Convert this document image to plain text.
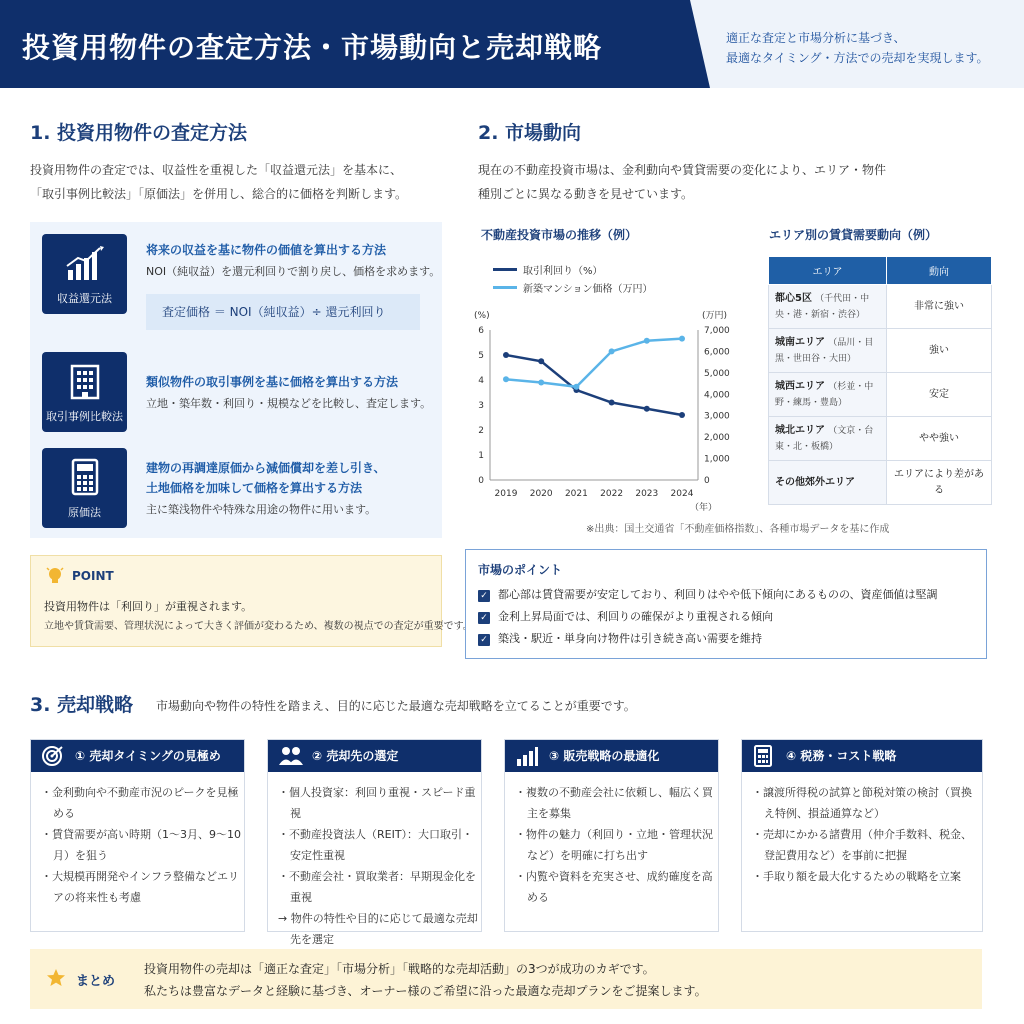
投資用物件の査定方法・市場動向と売却戦略	適正な査定と市場分析に基づき、
最適なタイミング・方法での売却を実現します。
1. 投資用物件の査定方法
投資用物件の査定では、収益性を重視した「収益還元法」を基本に、
「取引事例比較法」「原価法」を併用し、総合的に価格を判断します。
収益還元法
将来の収益を基に物件の価値を算出する方法
NOI（純収益）を還元利回りで割り戻し、価格を求めます。
査定価格 ＝ NOI（純収益）÷ 還元利回り
取引事例比較法
類似物件の取引事例を基に価格を算出する方法
立地・築年数・利回り・規模などを比較し、査定します。
原価法
建物の再調達原価から減価償却を差し引き、
土地価格を加味して価格を算出する方法
主に築浅物件や特殊な用途の物件に用います。
POINT
投資用物件は「利回り」が重視されます。
立地や賃貸需要、管理状況によって大きく評価が変わるため、複数の視点での査定が重要です。
2. 市場動向
現在の不動産投資市場は、金利動向や賃貸需要の変化により、エリア・物件
種別ごとに異なる動きを見せています。
不動産投資市場の推移（例）
取引利回り（%）
新築マンション価格（万円）
(%)	(万円)
0
1
2
3
4
5
6
0
1,000
2,000
3,000
4,000
5,000
6,000
7,000
2019 2020 2021 2022 2023 2024
（年）
※出典：国土交通省「不動産価格指数」、各種市場データを基に作成
エリア別の賃貸需要動向（例）
エリア	動向
都心5区 （千代田・中央・港・新宿・渋谷）	非常に強い
城南エリア （品川・目黒・世田谷・大田）	強い
城西エリア （杉並・中野・練馬・豊島）	安定
城北エリア （文京・台東・北・板橋）	やや強い
その他郊外エリア	エリアにより差がある
市場のポイント
✓ 都心部は賃貸需要が安定しており、利回りはやや低下傾向にあるものの、資産価値は堅調
✓ 金利上昇局面では、利回りの確保がより重視される傾向
✓ 築浅・駅近・単身向け物件は引き続き高い需要を維持
3. 売却戦略 市場動向や物件の特性を踏まえ、目的に応じた最適な売却戦略を立てることが重要です。
① 売却タイミングの見極め
・金利動向や不動産市況のピークを見極める
・賃貸需要が高い時期（1～3月、9～10月）を狙う
・大規模再開発やインフラ整備などエリアの将来性も考慮
② 売却先の選定
・個人投資家：利回り重視・スピード重視
・不動産投資法人（REIT）：大口取引・安定性重視
・不動産会社・買取業者：早期現金化を重視
→ 物件の特性や目的に応じて最適な売却先を選定
③ 販売戦略の最適化
・複数の不動産会社に依頼し、幅広く買主を募集
・物件の魅力（利回り・立地・管理状況など）を明確に打ち出す
・内覧や資料を充実させ、成約確度を高める
④ 税務・コスト戦略
・譲渡所得税の試算と節税対策の検討（買換え特例、損益通算など）
・売却にかかる諸費用（仲介手数料、税金、登記費用など）を事前に把握
・手取り額を最大化するための戦略を立案
まとめ
投資用物件の売却は「適正な査定」「市場分析」「戦略的な売却活動」の3つが成功のカギです。
私たちは豊富なデータと経験に基づき、オーナー様のご希望に沿った最適な売却プランをご提案します。
